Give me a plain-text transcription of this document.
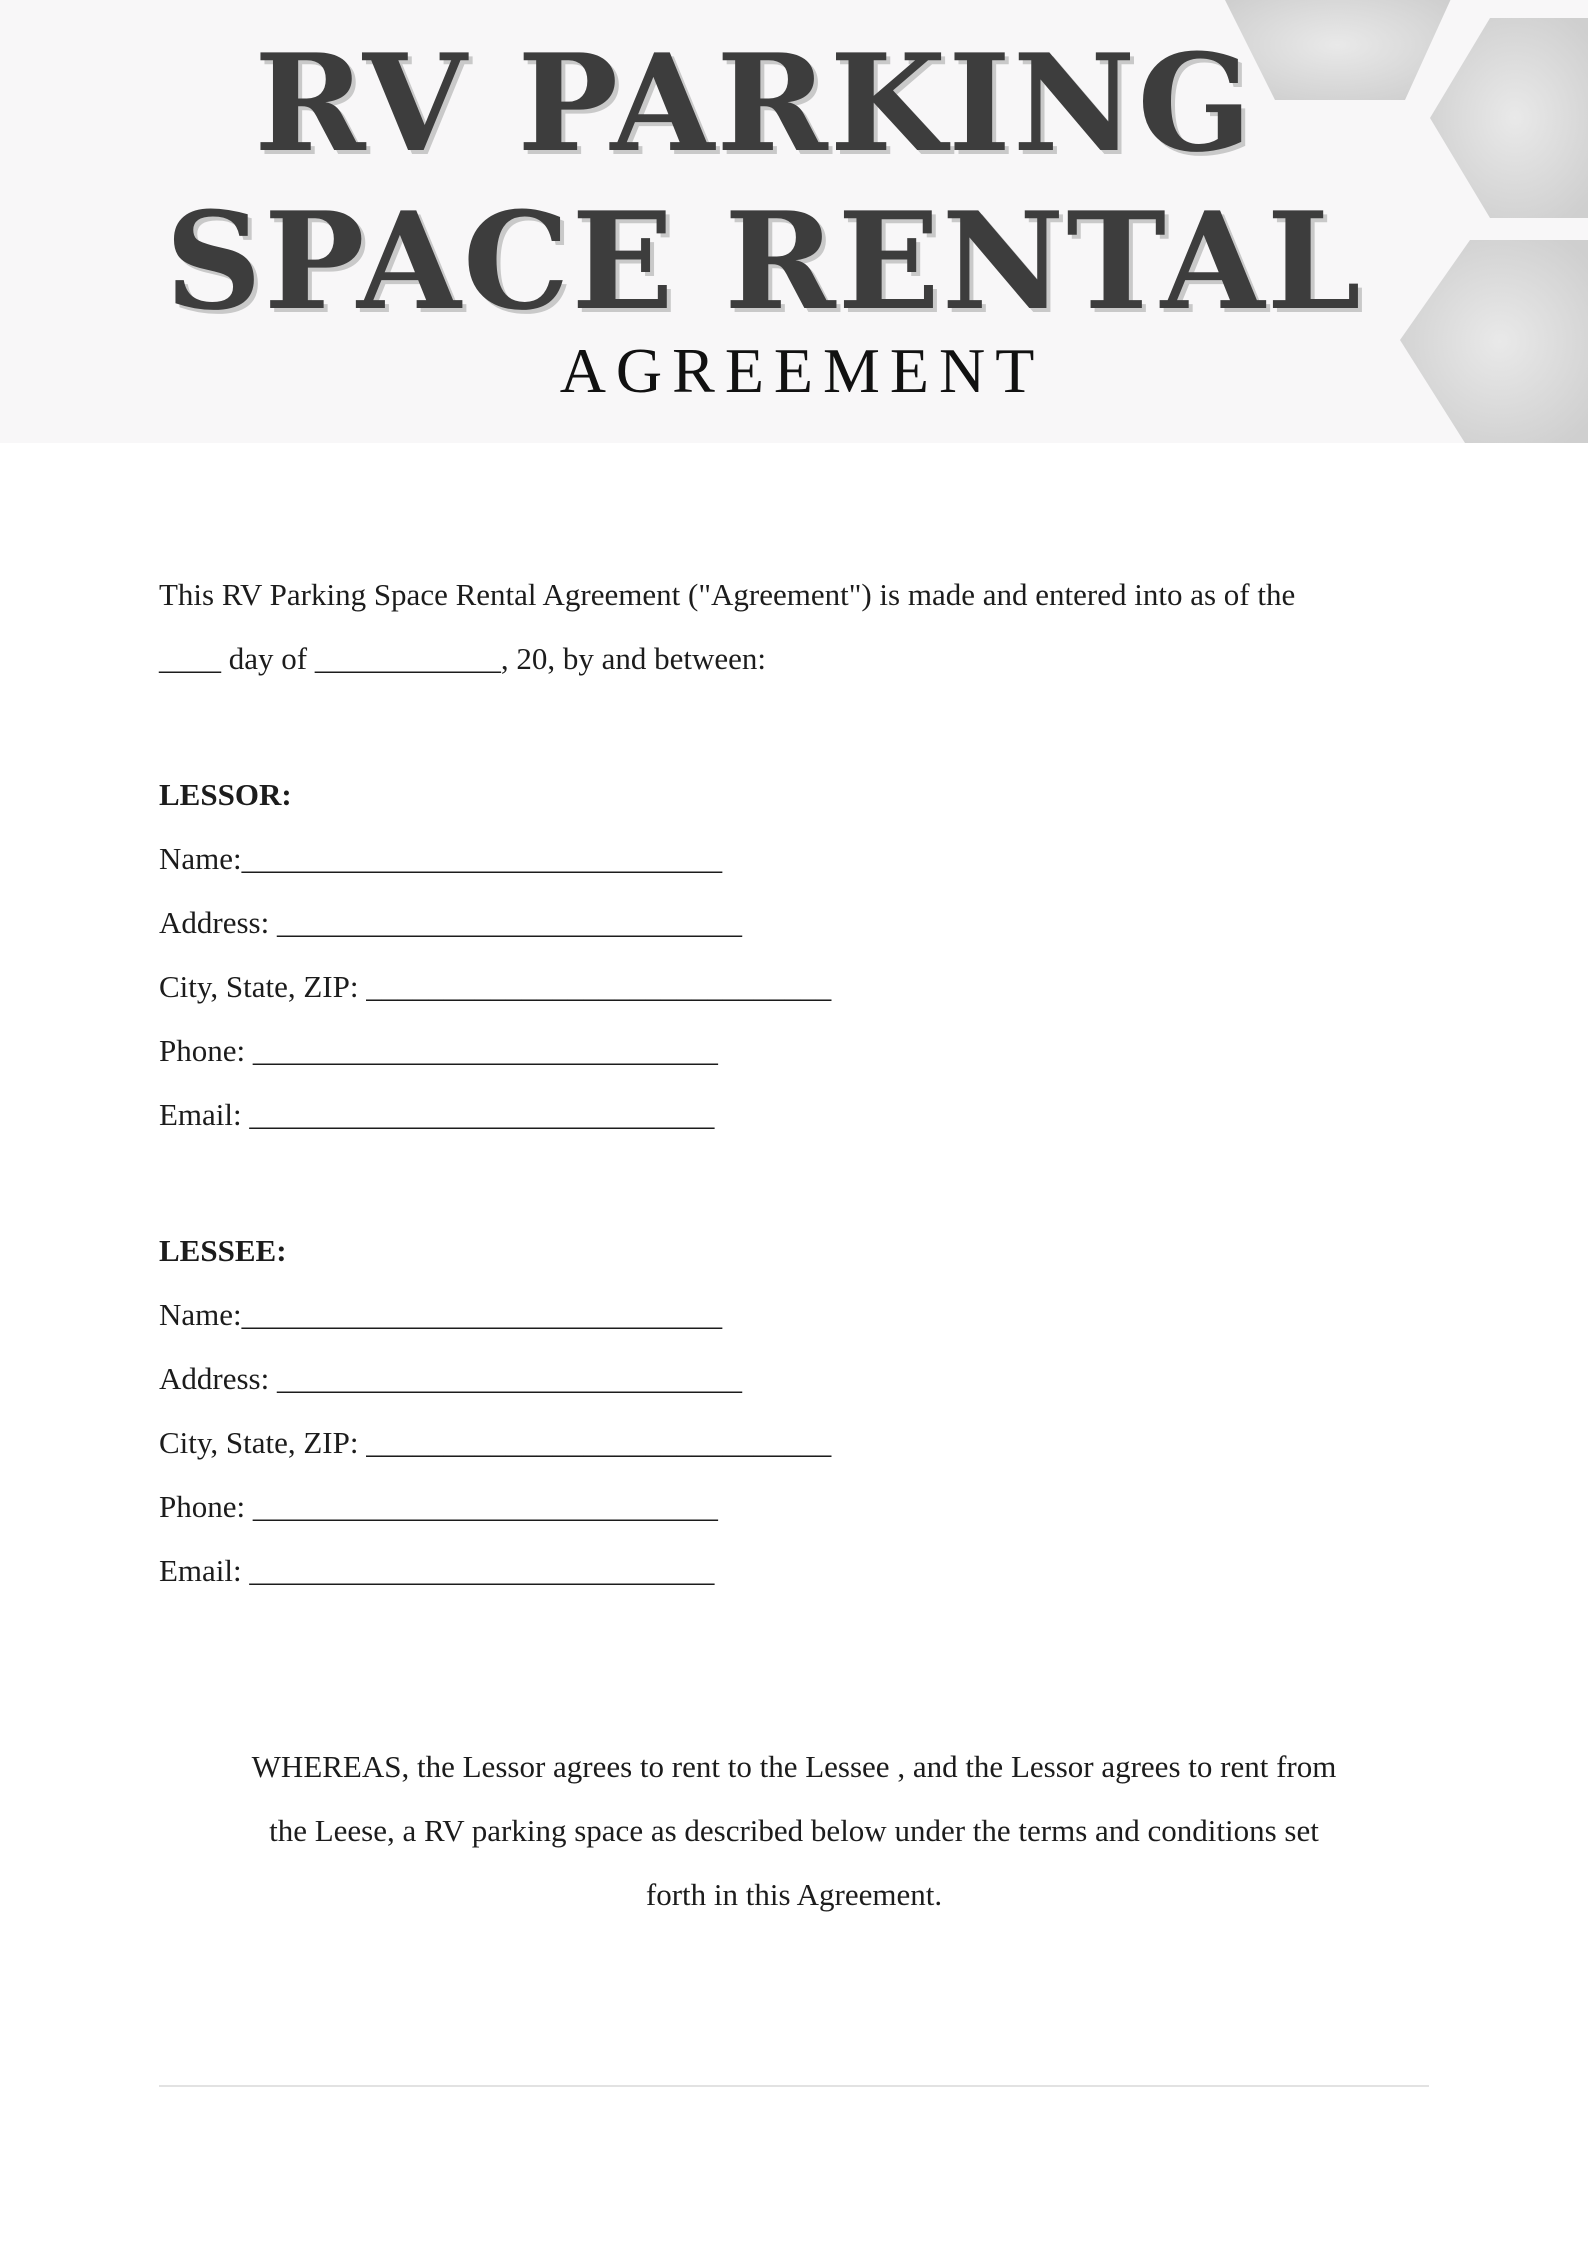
RV PARKING
SPACE RENTAL
AGREEMENT
This RV Parking Space Rental Agreement ("Agreement") is made and entered into as of the
____ day of ____________, 20, by and between:
LESSOR:
Name:_______________________________
Address: ______________________________
City, State, ZIP: ______________________________
Phone: ______________________________
Email: ______________________________
LESSEE:
Name:_______________________________
Address: ______________________________
City, State, ZIP: ______________________________
Phone: ______________________________
Email: ______________________________
WHEREAS, the Lessor agrees to rent to the Lessee , and the Lessor agrees to rent from
the Leese, a RV parking space as described below under the terms and conditions set
forth in this Agreement.
